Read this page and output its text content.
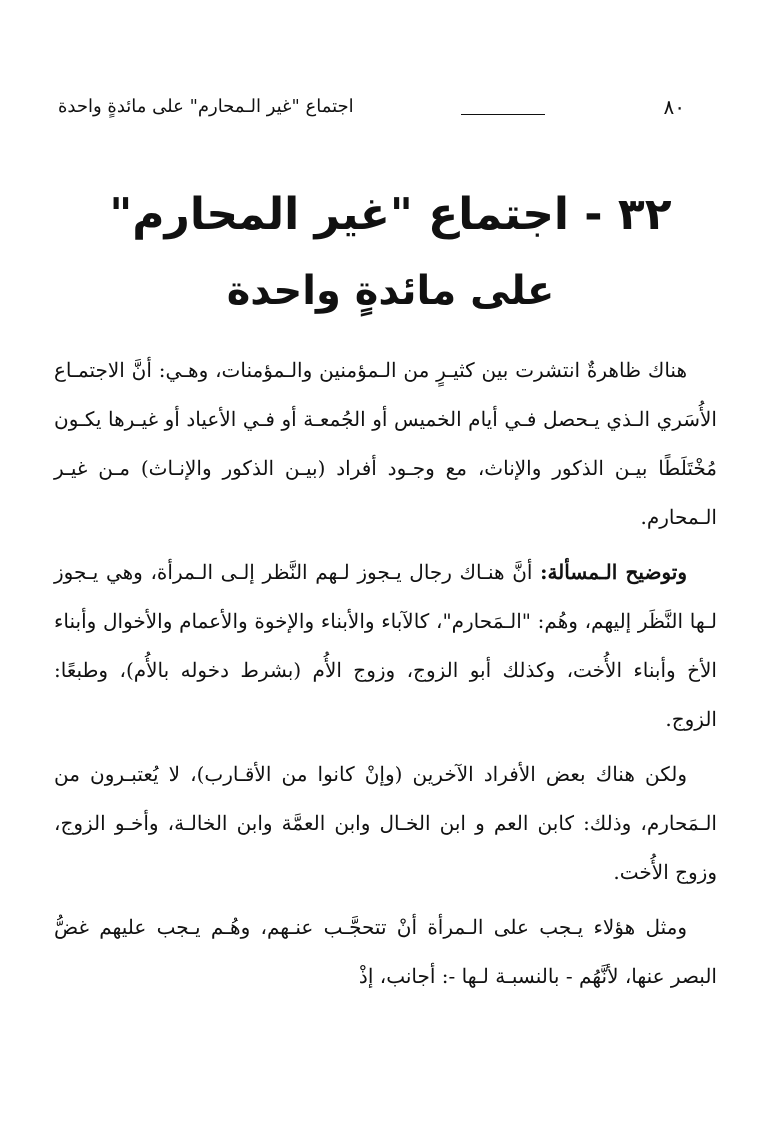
٨٠
اجتماع "غير الـمحارم" على مائدةٍ واحدة
٣٢ - اجتماع "غير المحارم"
على مائدةٍ واحدة

هناك ظاهرةٌ انتشرت بين كثيـرٍ من الـمؤمنين والـمؤمنات، وهـي: أنَّ الاجتمـاع الأُسَري الـذي يـحصل فـي أيام الخميس أو الجُمعـة أو فـي الأعياد أو غيـرها يكـون مُخْتَلَطًا بيـن الذكور والإناث، مع وجـود أفراد (بيـن الذكور والإنـاث) مـن غيـر الـمحارم.

وتوضيح الـمسألة: أنَّ هنـاك رجال يـجوز لـهم النَّظر إلـى الـمرأة، وهي يـجوز لـها النَّظَر إليهم، وهُم: "الـمَحارم"، كالآباء والأبناء والإخوة والأعمام والأخوال وأبناء الأخ وأبناء الأُخت، وكذلك أبو الزوج، وزوج الأُم (بشرط دخوله بالأُم)، وطبعًا: الزوج.

ولكن هناك بعض الأفراد الآخرين (وإنْ كانوا من الأقـارب)، لا يُعتبـرون من الـمَحارم، وذلك: كابن العم و ابن الخـال وابن العمَّة وابن الخالـة، وأخـو الزوج، وزوج الأُخت.

ومثل هؤلاء يـجب على الـمرأة أنْ تتحجَّـب عنـهم، وهُـم يـجب عليهم غضُّ البصر عنها، لأنَّهُم - بالنسبـة لـها -: أجانب، إذْ
